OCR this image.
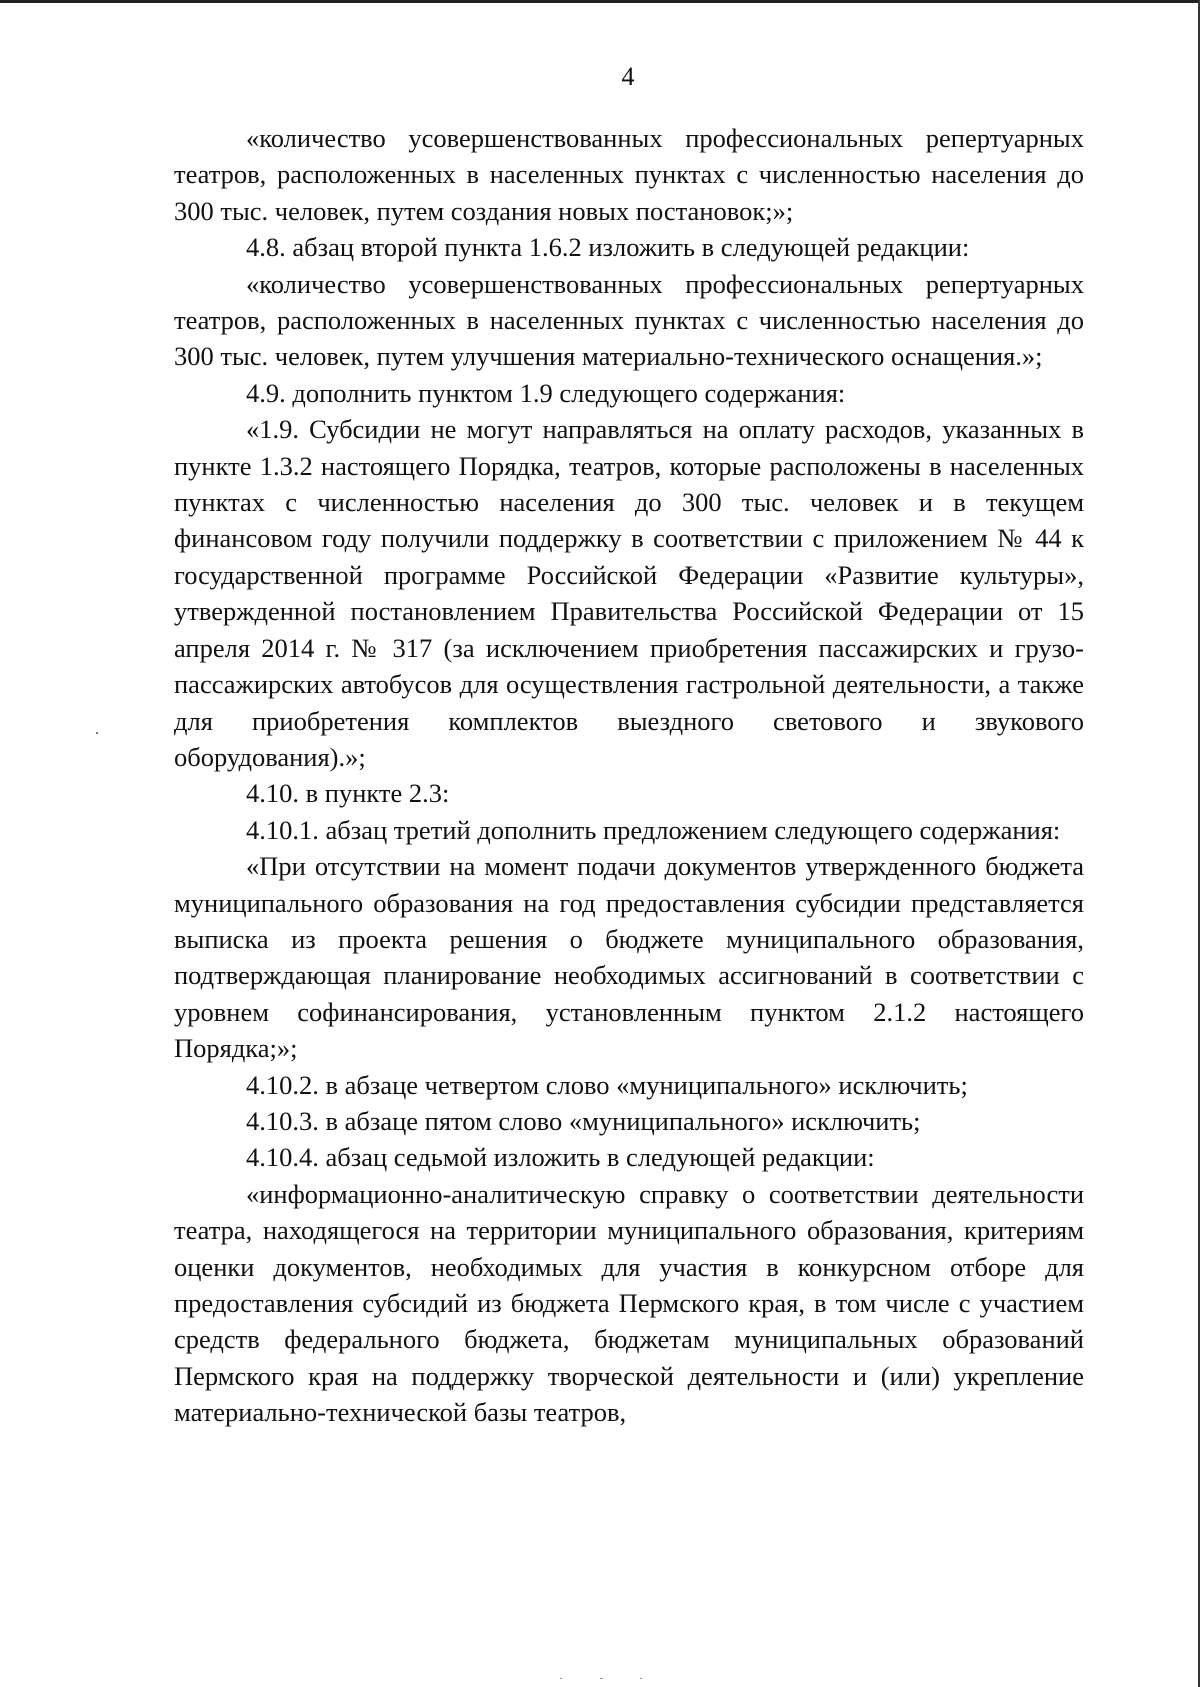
4

«количество усовершенствованных профессиональных репертуарных театров, расположенных в населенных пунктах с численностью населения до 300 тыс. человек, путем создания новых постановок;»;

4.8. абзац второй пункта 1.6.2 изложить в следующей редакции:

«количество усовершенствованных профессиональных репертуарных театров, расположенных в населенных пунктах с численностью населения до 300 тыс. человек, путем улучшения материально-технического оснащения.»;

4.9. дополнить пунктом 1.9 следующего содержания:

«1.9. Субсидии не могут направляться на оплату расходов, указанных в пункте 1.3.2 настоящего Порядка, театров, которые расположены в населенных пунктах с численностью населения до 300 тыс. человек и в текущем финансовом году получили поддержку в соответствии с приложением № 44 к государственной программе Российской Федерации «Развитие культуры», утвержденной постановлением Правительства Российской Федерации от 15 апреля 2014 г. № 317 (за исключением приобретения пассажирских и грузо-пассажирских автобусов для осуществления гастрольной деятельности, а также для приобретения комплектов выездного светового и звукового оборудования).»;

4.10. в пункте 2.3:

4.10.1. абзац третий дополнить предложением следующего содержания:

«При отсутствии на момент подачи документов утвержденного бюджета муниципального образования на год предоставления субсидии представляется выписка из проекта решения о бюджете муниципального образования, подтверждающая планирование необходимых ассигнований в соответствии с уровнем софинансирования, установленным пунктом 2.1.2 настоящего Порядка;»;

4.10.2. в абзаце четвертом слово «муниципального» исключить;

4.10.3. в абзаце пятом слово «муниципального» исключить;

4.10.4. абзац седьмой изложить в следующей редакции:

«информационно-аналитическую справку о соответствии деятельности театра, находящегося на территории муниципального образования, критериям оценки документов, необходимых для участия в конкурсном отборе для предоставления субсидий из бюджета Пермского края, в том числе с участием средств федерального бюджета, бюджетам муниципальных образований Пермского края на поддержку творческой деятельности и (или) укрепление материально-технической базы театров,
